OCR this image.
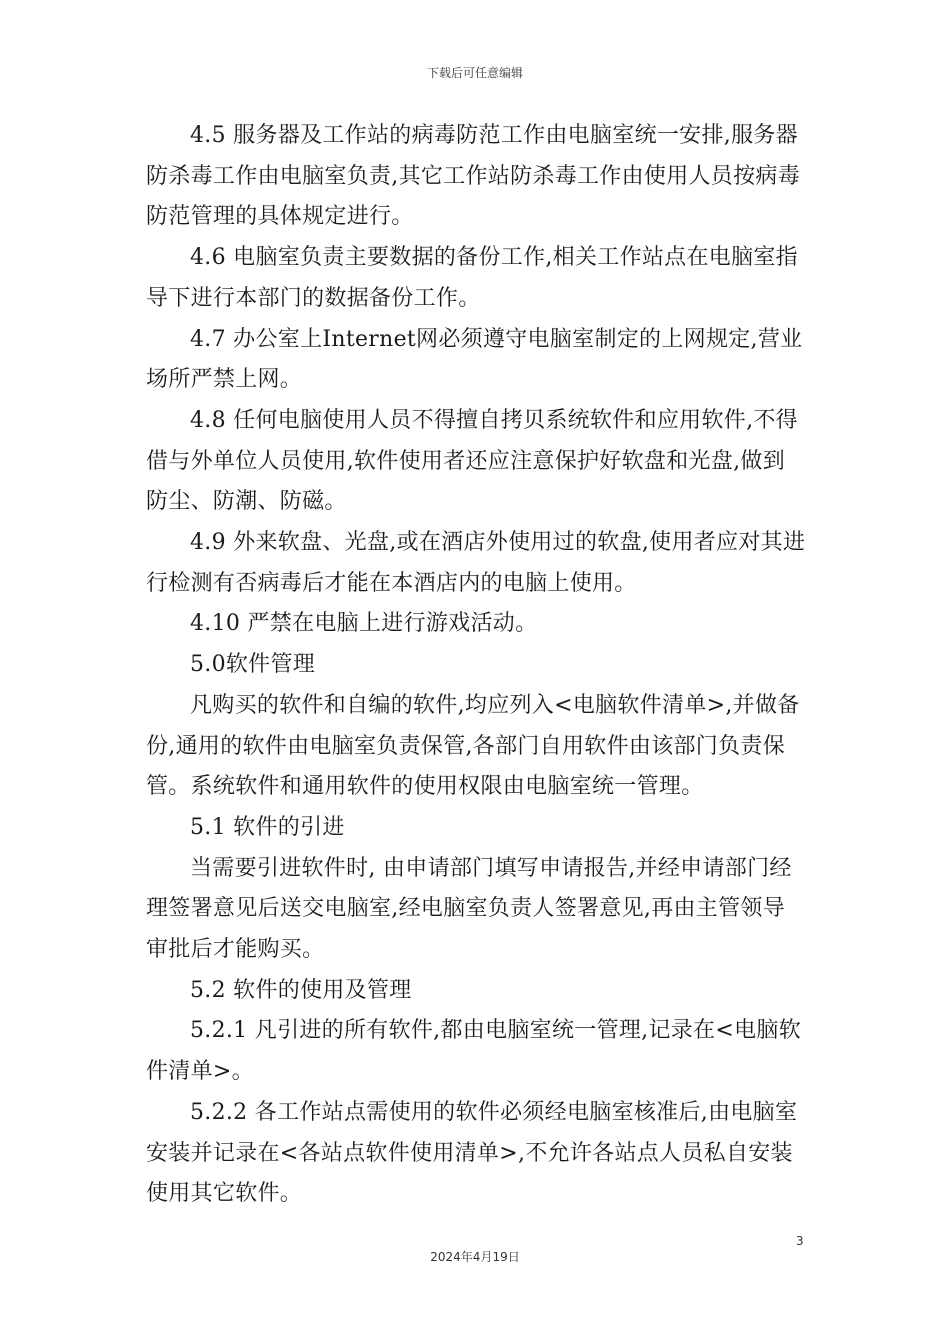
下载后可任意编辑

4.5 服务器及工作站的病毒防范工作由电脑室统一安排,服务器防杀毒工作由电脑室负责,其它工作站防杀毒工作由使用人员按病毒防范管理的具体规定进行。

4.6 电脑室负责主要数据的备份工作,相关工作站点在电脑室指导下进行本部门的数据备份工作。

4.7 办公室上Internet网必须遵守电脑室制定的上网规定,营业场所严禁上网。

4.8 任何电脑使用人员不得擅自拷贝系统软件和应用软件,不得借与外单位人员使用,软件使用者还应注意保护好软盘和光盘,做到防尘、防潮、防磁。

4.9 外来软盘、光盘,或在酒店外使用过的软盘,使用者应对其进行检测有否病毒后才能在本酒店内的电脑上使用。

4.10 严禁在电脑上进行游戏活动。

5.0软件管理

凡购买的软件和自编的软件,均应列入<电脑软件清单>,并做备份,通用的软件由电脑室负责保管,各部门自用软件由该部门负责保管。系统软件和通用软件的使用权限由电脑室统一管理。

5.1 软件的引进

当需要引进软件时, 由申请部门填写申请报告,并经申请部门经理签署意见后送交电脑室,经电脑室负责人签署意见,再由主管领导审批后才能购买。

5.2 软件的使用及管理

5.2.1 凡引进的所有软件,都由电脑室统一管理,记录在<电脑软件清单>。

5.2.2 各工作站点需使用的软件必须经电脑室核准后,由电脑室安装并记录在<各站点软件使用清单>,不允许各站点人员私自安装使用其它软件。

3
2024年4月19日
